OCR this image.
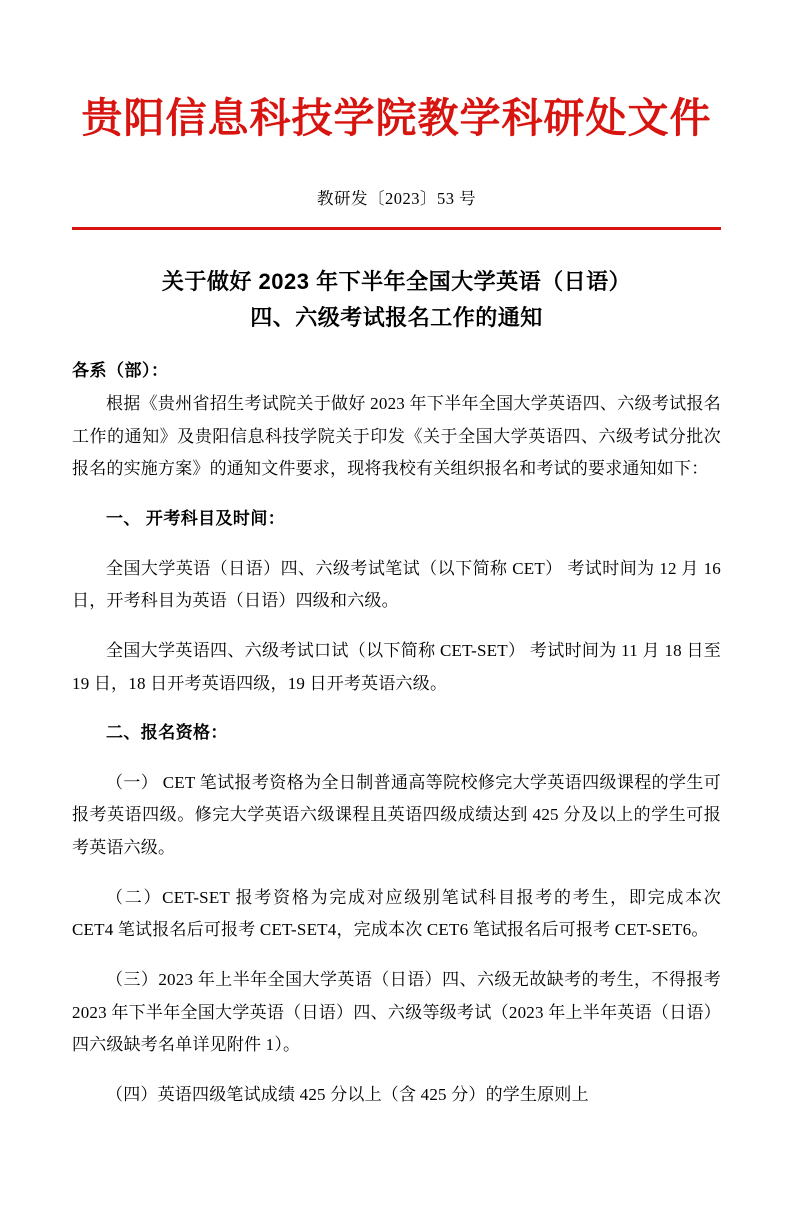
贵阳信息科技学院教学科研处文件
教研发〔2023〕53 号
关于做好 2023 年下半年全国大学英语（日语）
四、六级考试报名工作的通知
各系（部）：

根据《贵州省招生考试院关于做好 2023 年下半年全国大学英语四、六级考试报名工作的通知》及贵阳信息科技学院关于印发《关于全国大学英语四、六级考试分批次报名的实施方案》的通知文件要求，现将我校有关组织报名和考试的要求通知如下：

一、 开考科目及时间：

全国大学英语（日语）四、六级考试笔试（以下简称 CET） 考试时间为 12 月 16 日，开考科目为英语（日语）四级和六级。

全国大学英语四、六级考试口试（以下简称 CET-SET） 考试时间为 11 月 18 日至 19 日，18 日开考英语四级，19 日开考英语六级。

二、报名资格：

（一） CET 笔试报考资格为全日制普通高等院校修完大学英语四级课程的学生可报考英语四级。修完大学英语六级课程且英语四级成绩达到 425 分及以上的学生可报考英语六级。

（二）CET-SET 报考资格为完成对应级别笔试科目报考的考生，即完成本次 CET4 笔试报名后可报考 CET-SET4，完成本次 CET6 笔试报名后可报考 CET-SET6。

（三）2023 年上半年全国大学英语（日语）四、六级无故缺考的考生，不得报考 2023 年下半年全国大学英语（日语）四、六级等级考试（2023 年上半年英语（日语）四六级缺考名单详见附件 1）。

（四）英语四级笔试成绩 425 分以上（含 425 分）的学生原则上
